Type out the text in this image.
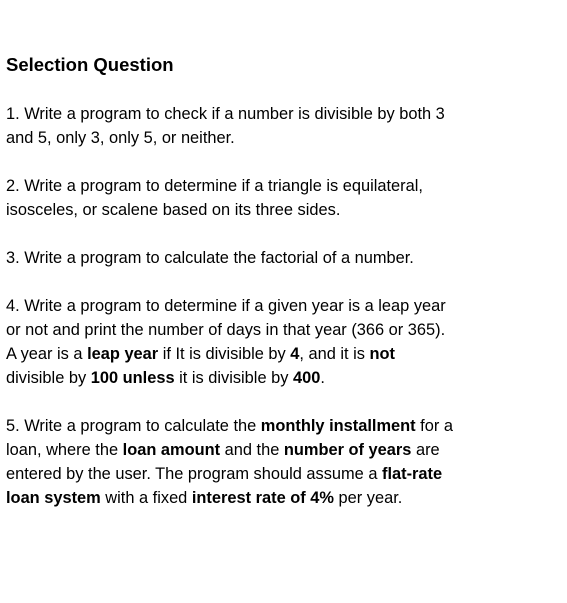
Selection Question
1. Write a program to check if a number is divisible by both 3
and 5, only 3, only 5, or neither.
2. Write a program to determine if a triangle is equilateral,
isosceles, or scalene based on its three sides.
3. Write a program to calculate the factorial of a number.
4. Write a program to determine if a given year is a leap year
or not and print the number of days in that year (366 or 365).
A year is a leap year if It is divisible by 4, and it is not
divisible by 100 unless it is divisible by 400.
5. Write a program to calculate the monthly installment for a
loan, where the loan amount and the number of years are
entered by the user. The program should assume a flat-rate
loan system with a fixed interest rate of 4% per year.
